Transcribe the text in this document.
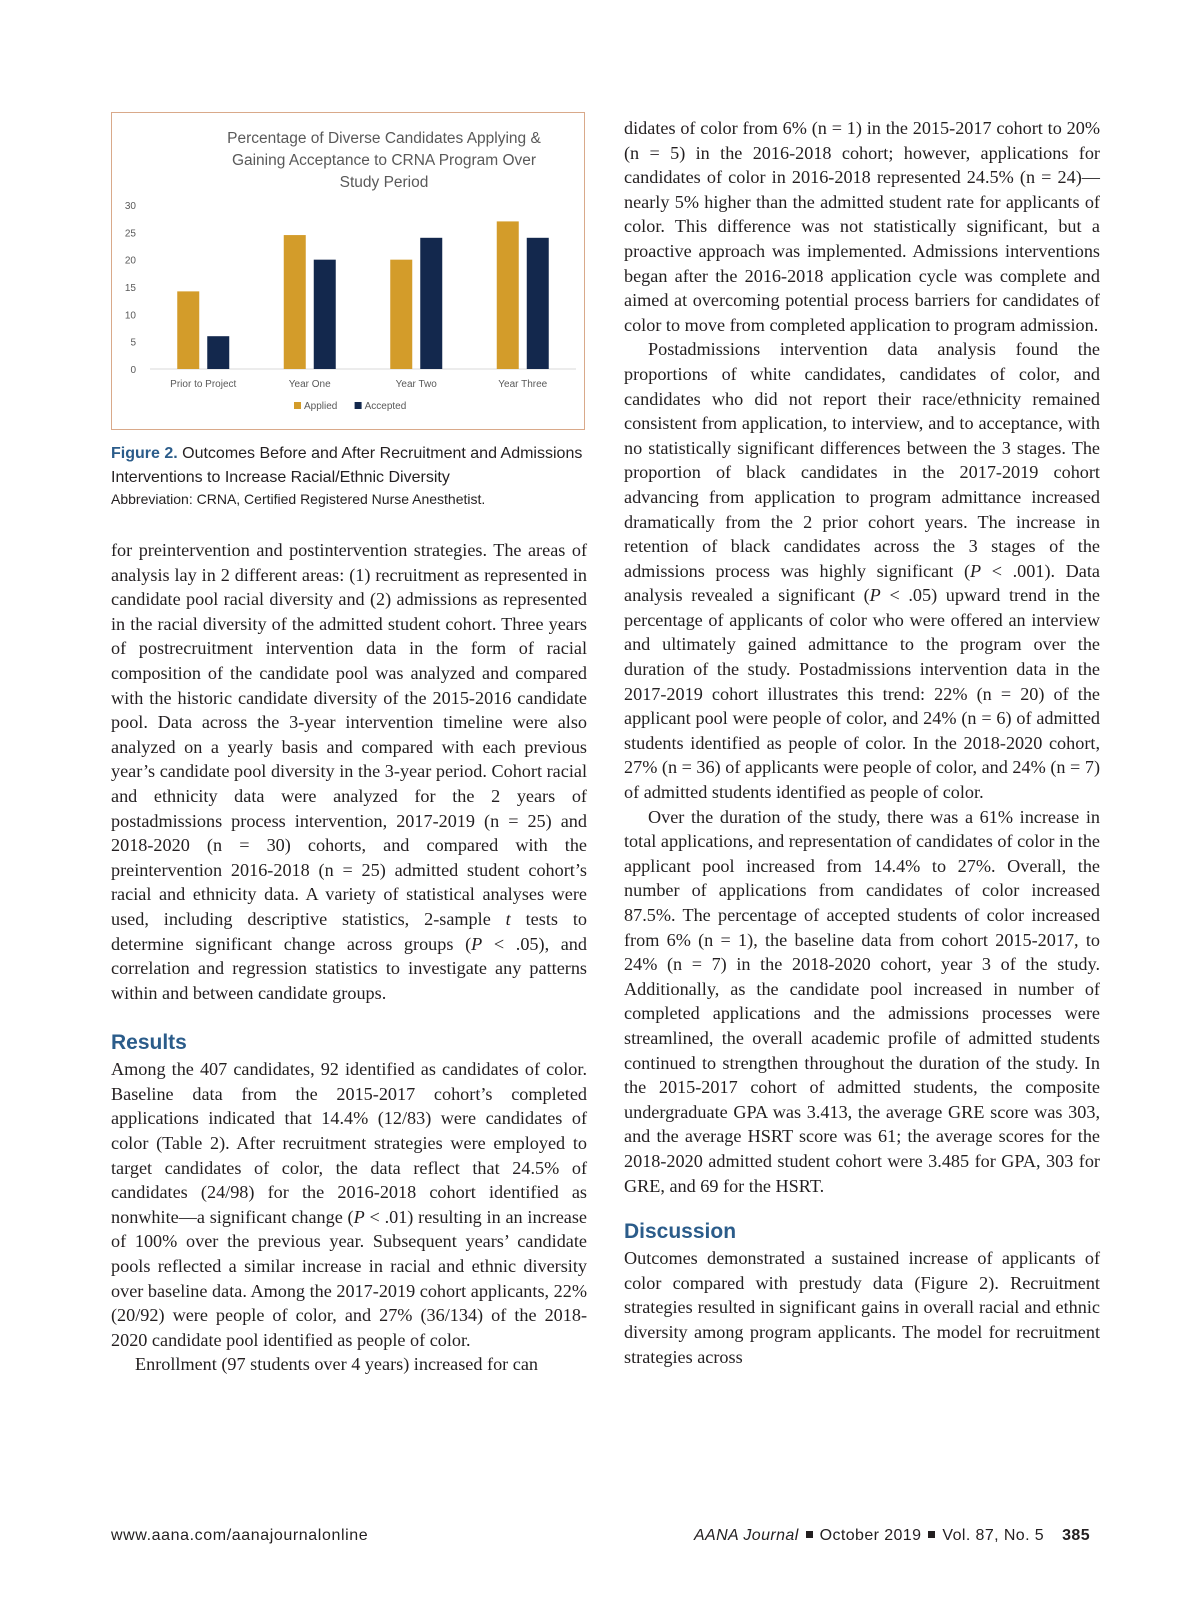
Percentage of Diverse Candidates Applying &
Gaining Acceptance to CRNA Program Over
Study Period
0
5
10
15
20
25
30
Prior to Project	Year One	Year Two	Year Three
Applied	Accepted

Figure 2. Outcomes Before and After Recruitment and Admissions Interventions to Increase Racial/Ethnic Diversity

Abbreviation: CRNA, Certified Registered Nurse Anesthetist.

for preintervention and postintervention strategies. The areas of analysis lay in 2 different areas: (1) recruitment as represented in candidate pool racial diversity and (2) admissions as represented in the racial diversity of the admitted student cohort. Three years of postrecruitment intervention data in the form of racial composition of the candidate pool was analyzed and compared with the historic candidate diversity of the 2015-2016 candidate pool. Data across the 3-year intervention timeline were also analyzed on a yearly basis and compared with each previous year’s candidate pool diversity in the 3-year period. Cohort racial and ethnicity data were analyzed for the 2 years of postadmissions process intervention, 2017-2019 (n = 25) and 2018-2020 (n = 30) cohorts, and compared with the preintervention 2016-2018 (n = 25) admitted student cohort’s racial and ethnicity data. A variety of statistical analyses were used, including descriptive statistics, 2-sample t tests to determine significant change across groups (P < .05), and correlation and regression statistics to investigate any patterns within and between candidate groups.

Results

Among the 407 candidates, 92 identified as candidates of color. Baseline data from the 2015-2017 cohort’s completed applications indicated that 14.4% (12/83) were candidates of color (Table 2). After recruitment strategies were employed to target candidates of color, the data reflect that 24.5% of candidates (24/98) for the 2016-2018 cohort identified as nonwhite—a significant change (P < .01) resulting in an increase of 100% over the previous year. Subsequent years’ candidate pools reflected a similar increase in racial and ethnic diversity over baseline data. Among the 2017-2019 cohort applicants, 22% (20/92) were people of color, and 27% (36/134) of the 2018-2020 candidate pool identified as people of color.

Enrollment (97 students over 4 years) increased for can

didates of color from 6% (n = 1) in the 2015-2017 cohort to 20% (n = 5) in the 2016-2018 cohort; however, applications for candidates of color in 2016-2018 represented 24.5% (n = 24)—nearly 5% higher than the admitted student rate for applicants of color. This difference was not statistically significant, but a proactive approach was implemented. Admissions interventions began after the 2016-2018 application cycle was complete and aimed at overcoming potential process barriers for candidates of color to move from completed application to program admission.

Postadmissions intervention data analysis found the proportions of white candidates, candidates of color, and candidates who did not report their race/ethnicity remained consistent from application, to interview, and to acceptance, with no statistically significant differences between the 3 stages. The proportion of black candidates in the 2017-2019 cohort advancing from application to program admittance increased dramatically from the 2 prior cohort years. The increase in retention of black candidates across the 3 stages of the admissions process was highly significant (P < .001). Data analysis revealed a significant (P < .05) upward trend in the percentage of applicants of color who were offered an interview and ultimately gained admittance to the program over the duration of the study. Postadmissions intervention data in the 2017-2019 cohort illustrates this trend: 22% (n = 20) of the applicant pool were people of color, and 24% (n = 6) of admitted students identified as people of color. In the 2018-2020 cohort, 27% (n = 36) of applicants were people of color, and 24% (n = 7) of admitted students identified as people of color.

Over the duration of the study, there was a 61% increase in total applications, and representation of candidates of color in the applicant pool increased from 14.4% to 27%. Overall, the number of applications from candidates of color increased 87.5%. The percentage of accepted students of color increased from 6% (n = 1), the baseline data from cohort 2015-2017, to 24% (n = 7) in the 2018-2020 cohort, year 3 of the study. Additionally, as the candidate pool increased in number of completed applications and the admissions processes were streamlined, the overall academic profile of admitted students continued to strengthen throughout the duration of the study. In the 2015-2017 cohort of admitted students, the composite undergraduate GPA was 3.413, the average GRE score was 303, and the average HSRT score was 61; the average scores for the 2018-2020 admitted student cohort were 3.485 for GPA, 303 for GRE, and 69 for the HSRT.

Discussion

Outcomes demonstrated a sustained increase of applicants of color compared with prestudy data (Figure 2). Recruitment strategies resulted in significant gains in overall racial and ethnic diversity among program applicants. The model for recruitment strategies across

www.aana.com/aanajournalonline	AANA Journal October 2019 Vol. 87, No. 5 385
